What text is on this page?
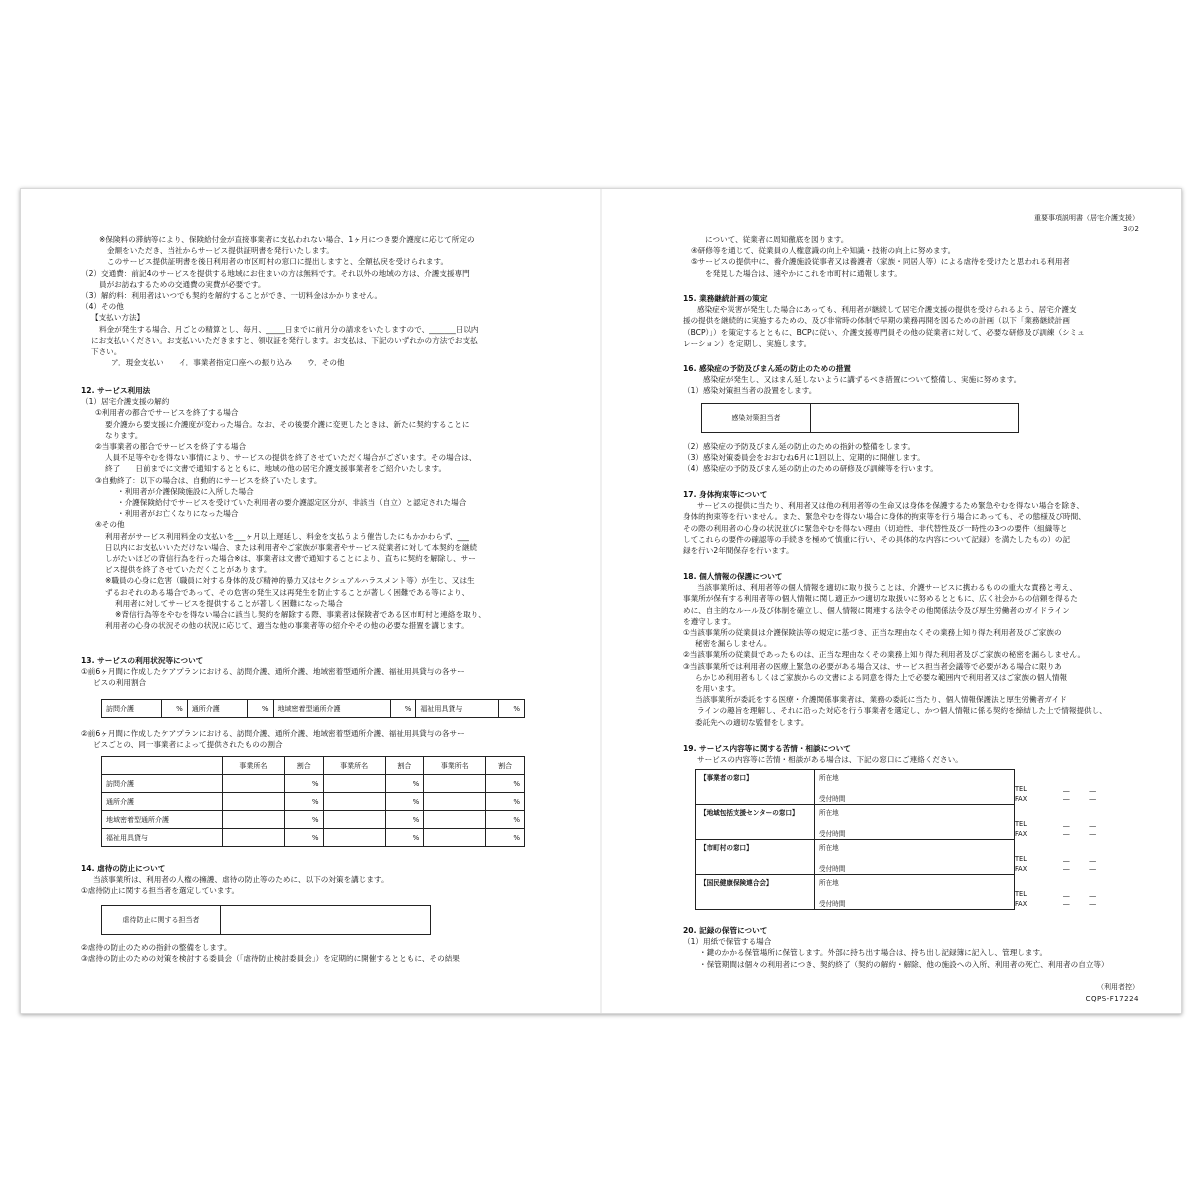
※保険料の滞納等により、保険給付金が直接事業者に支払われない場合、1ヶ月につき要介護度に応じて所定の
金額をいただき、当社からサービス提供証明書を発行いたします。
このサービス提供証明書を後日利用者の市区町村の窓口に提出しますと、全額払戻を受けられます。
（2）交通費：前記4のサービスを提供する地域にお住まいの方は無料です。それ以外の地域の方は、介護支援専門
員がお訪ねするための交通費の実費が必要です。
（3）解約料：利用者はいつでも契約を解約することができ、一切料金はかかりません。
（4）その他
【支払い方法】
料金が発生する場合、月ごとの精算とし、毎月、_____日までに前月分の請求をいたしますので、_______日以内
にお支払いください。お支払いいただきますと、領収証を発行します。お支払は、下記のいずれかの方法でお支払
下さい。
ア．現金支払い　　イ．事業者指定口座への振り込み　　ウ．その他
12. サービス利用法
（1）居宅介護支援の解約
①利用者の都合でサービスを終了する場合
要介護から要支援に介護度が変わった場合。なお、その後要介護に変更したときは、新たに契約することに
なります。
②当事業者の都合でサービスを終了する場合
人員不足等やむを得ない事情により、サービスの提供を終了させていただく場合がございます。その場合は、
終了　　日前までに文書で通知するとともに、地域の他の居宅介護支援事業者をご紹介いたします。
③自動終了：以下の場合は、自動的にサービスを終了いたします。
・利用者が介護保険施設に入所した場合
・介護保険給付でサービスを受けていた利用者の要介護認定区分が、非該当（自立）と認定された場合
・利用者がお亡くなりになった場合
④その他
利用者がサービス利用料金の支払いを___ヶ月以上遅延し、料金を支払うよう催告したにもかかわらず、___
日以内にお支払いいただけない場合、または利用者やご家族が事業者やサービス従業者に対して本契約を継続
しがたいほどの背信行為を行った場合※は、事業者は文書で通知することにより、直ちに契約を解除し、サー
ビス提供を終了させていただくことがあります。
※職員の心身に危害（職員に対する身体的及び精神的暴力又はセクシュアルハラスメント等）が生じ、又は生
ずるおそれのある場合であって、その危害の発生又は再発生を防止することが著しく困難である等により、
利用者に対してサービスを提供することが著しく困難になった場合
※背信行為等をやむを得ない場合に該当し契約を解除する際、事業者は保険者である区市町村と連絡を取り、
利用者の心身の状況その他の状況に応じて、適当な他の事業者等の紹介やその他の必要な措置を講じます。
13. サービスの利用状況等について
①前6ヶ月間に作成したケアプランにおける、訪問介護、通所介護、地域密着型通所介護、福祉用具貸与の各サー
ビスの利用割合
訪問介護	%	通所介護	%	地域密着型通所介護	%	福祉用具貸与	%
②前6ヶ月間に作成したケアプランにおける、訪問介護、通所介護、地域密着型通所介護、福祉用具貸与の各サー
ビスごとの、同一事業者によって提供されたものの割合
	事業所名	割合	事業所名	割合	事業所名	割合
訪問介護		%		%		%
通所介護		%		%		%
地域密着型通所介護		%		%		%
福祉用具貸与		%		%		%
14. 虐待の防止について
当該事業所は、利用者の人権の擁護、虐待の防止等のために、以下の対策を講じます。
①虐待防止に関する担当者を選定しています。
虐待防止に関する担当者	
②虐待の防止のための指針の整備をします。
③虐待の防止のための対策を検討する委員会（「虐待防止検討委員会」）を定期的に開催するとともに、その結果
重要事項説明書（居宅介護支援）
3の2
について、従業者に周知徹底を図ります。
④研修等を通じて、従業員の人権意識の向上や知識・技術の向上に努めます。
⑤サービスの提供中に、養介護施設従事者又は養護者（家族・同居人等）による虐待を受けたと思われる利用者
を発見した場合は、速やかにこれを市町村に通報します。
15. 業務継続計画の策定
感染症や災害が発生した場合にあっても、利用者が継続して居宅介護支援の提供を受けられるよう、居宅介護支
援の提供を継続的に実施するための、及び非常時の体制で早期の業務再開を図るための計画（以下「業務継続計画
（BCP）」）を策定するとともに、BCPに従い、介護支援専門員その他の従業者に対して、必要な研修及び訓練（シミュ
レーション）を定期し、実施します。
16. 感染症の予防及びまん延の防止のための措置
感染症が発生し、又はまん延しないように講ずるべき措置について整備し、実施に努めます。
（1）感染対策担当者の設置をします。
感染対策担当者	
（2）感染症の予防及びまん延の防止のための指針の整備をします。
（3）感染対策委員会をおおむね6月に1回以上、定期的に開催します。
（4）感染症の予防及びまん延の防止のための研修及び訓練等を行います。
17. 身体拘束等について
サービスの提供に当たり、利用者又は他の利用者等の生命又は身体を保護するため緊急やむを得ない場合を除き、
身体的拘束等を行いません。また、緊急やむを得ない場合に身体的拘束等を行う場合にあっても、その態様及び時間、
その際の利用者の心身の状況並びに緊急やむを得ない理由（切迫性、非代替性及び一時性の3つの要件（組織等と
してこれらの要件の確認等の手続きを極めて慎重に行い、その具体的な内容について記録）を満たしたもの）の記
録を行い2年間保存を行います。
18. 個人情報の保護について
当該事業所は、利用者等の個人情報を適切に取り扱うことは、介護サービスに携わるものの重大な責務と考え、
事業所が保有する利用者等の個人情報に関し適正かつ適切な取扱いに努めるとともに、広く社会からの信頼を得るた
めに、自主的なルール及び体制を確立し、個人情報に関連する法令その他関係法令及び厚生労働者のガイドライン
を遵守します。
①当該事業所の従業員は介護保険法等の規定に基づき、正当な理由なくその業務上知り得た利用者及びご家族の
秘密を漏らしません。
②当該事業所の従業員であったものは、正当な理由なくその業務上知り得た利用者及びご家族の秘密を漏らしません。
③当該事業所では利用者の医療上緊急の必要がある場合又は、サービス担当者会議等で必要がある場合に限りあ
らかじめ利用者もしくはご家族からの文書による同意を得た上で必要な範囲内で利用者又はご家族の個人情報
を用います。
当該事業所が委託をする医療・介護関係事業者は、業務の委託に当たり、個人情報保護法と厚生労働者ガイド
ラインの趣旨を理解し、それに沿った対応を行う事業者を選定し、かつ個人情報に係る契約を締結した上で情報提供し、
委託先への適切な監督をします。
19. サービス内容等に関する苦情・相談について
サービスの内容等に苦情・相談がある場合は、下記の窓口にご連絡ください。
【事業者の窓口】	所在地

	受付時間
TEL ―　　　―
FAX ―　　　―

【地域包括支援センターの窓口】	所在地

	受付時間
TEL ―　　　―
FAX ―　　　―

【市町村の窓口】	所在地

	受付時間
TEL ―　　　―
FAX ―　　　―

【国民健康保険連合会】	所在地

	受付時間
TEL ―　　　―
FAX ―　　　―
20. 記録の保管について
（1）用紙で保管する場合
・鍵のかかる保管場所に保管します。外部に持ち出す場合は、持ち出し記録簿に記入し、管理します。
・保管期間は個々の利用者につき、契約終了（契約の解約・解除、他の施設への入所、利用者の死亡、利用者の自立等）
（利用者控）
CQPS-F17224
